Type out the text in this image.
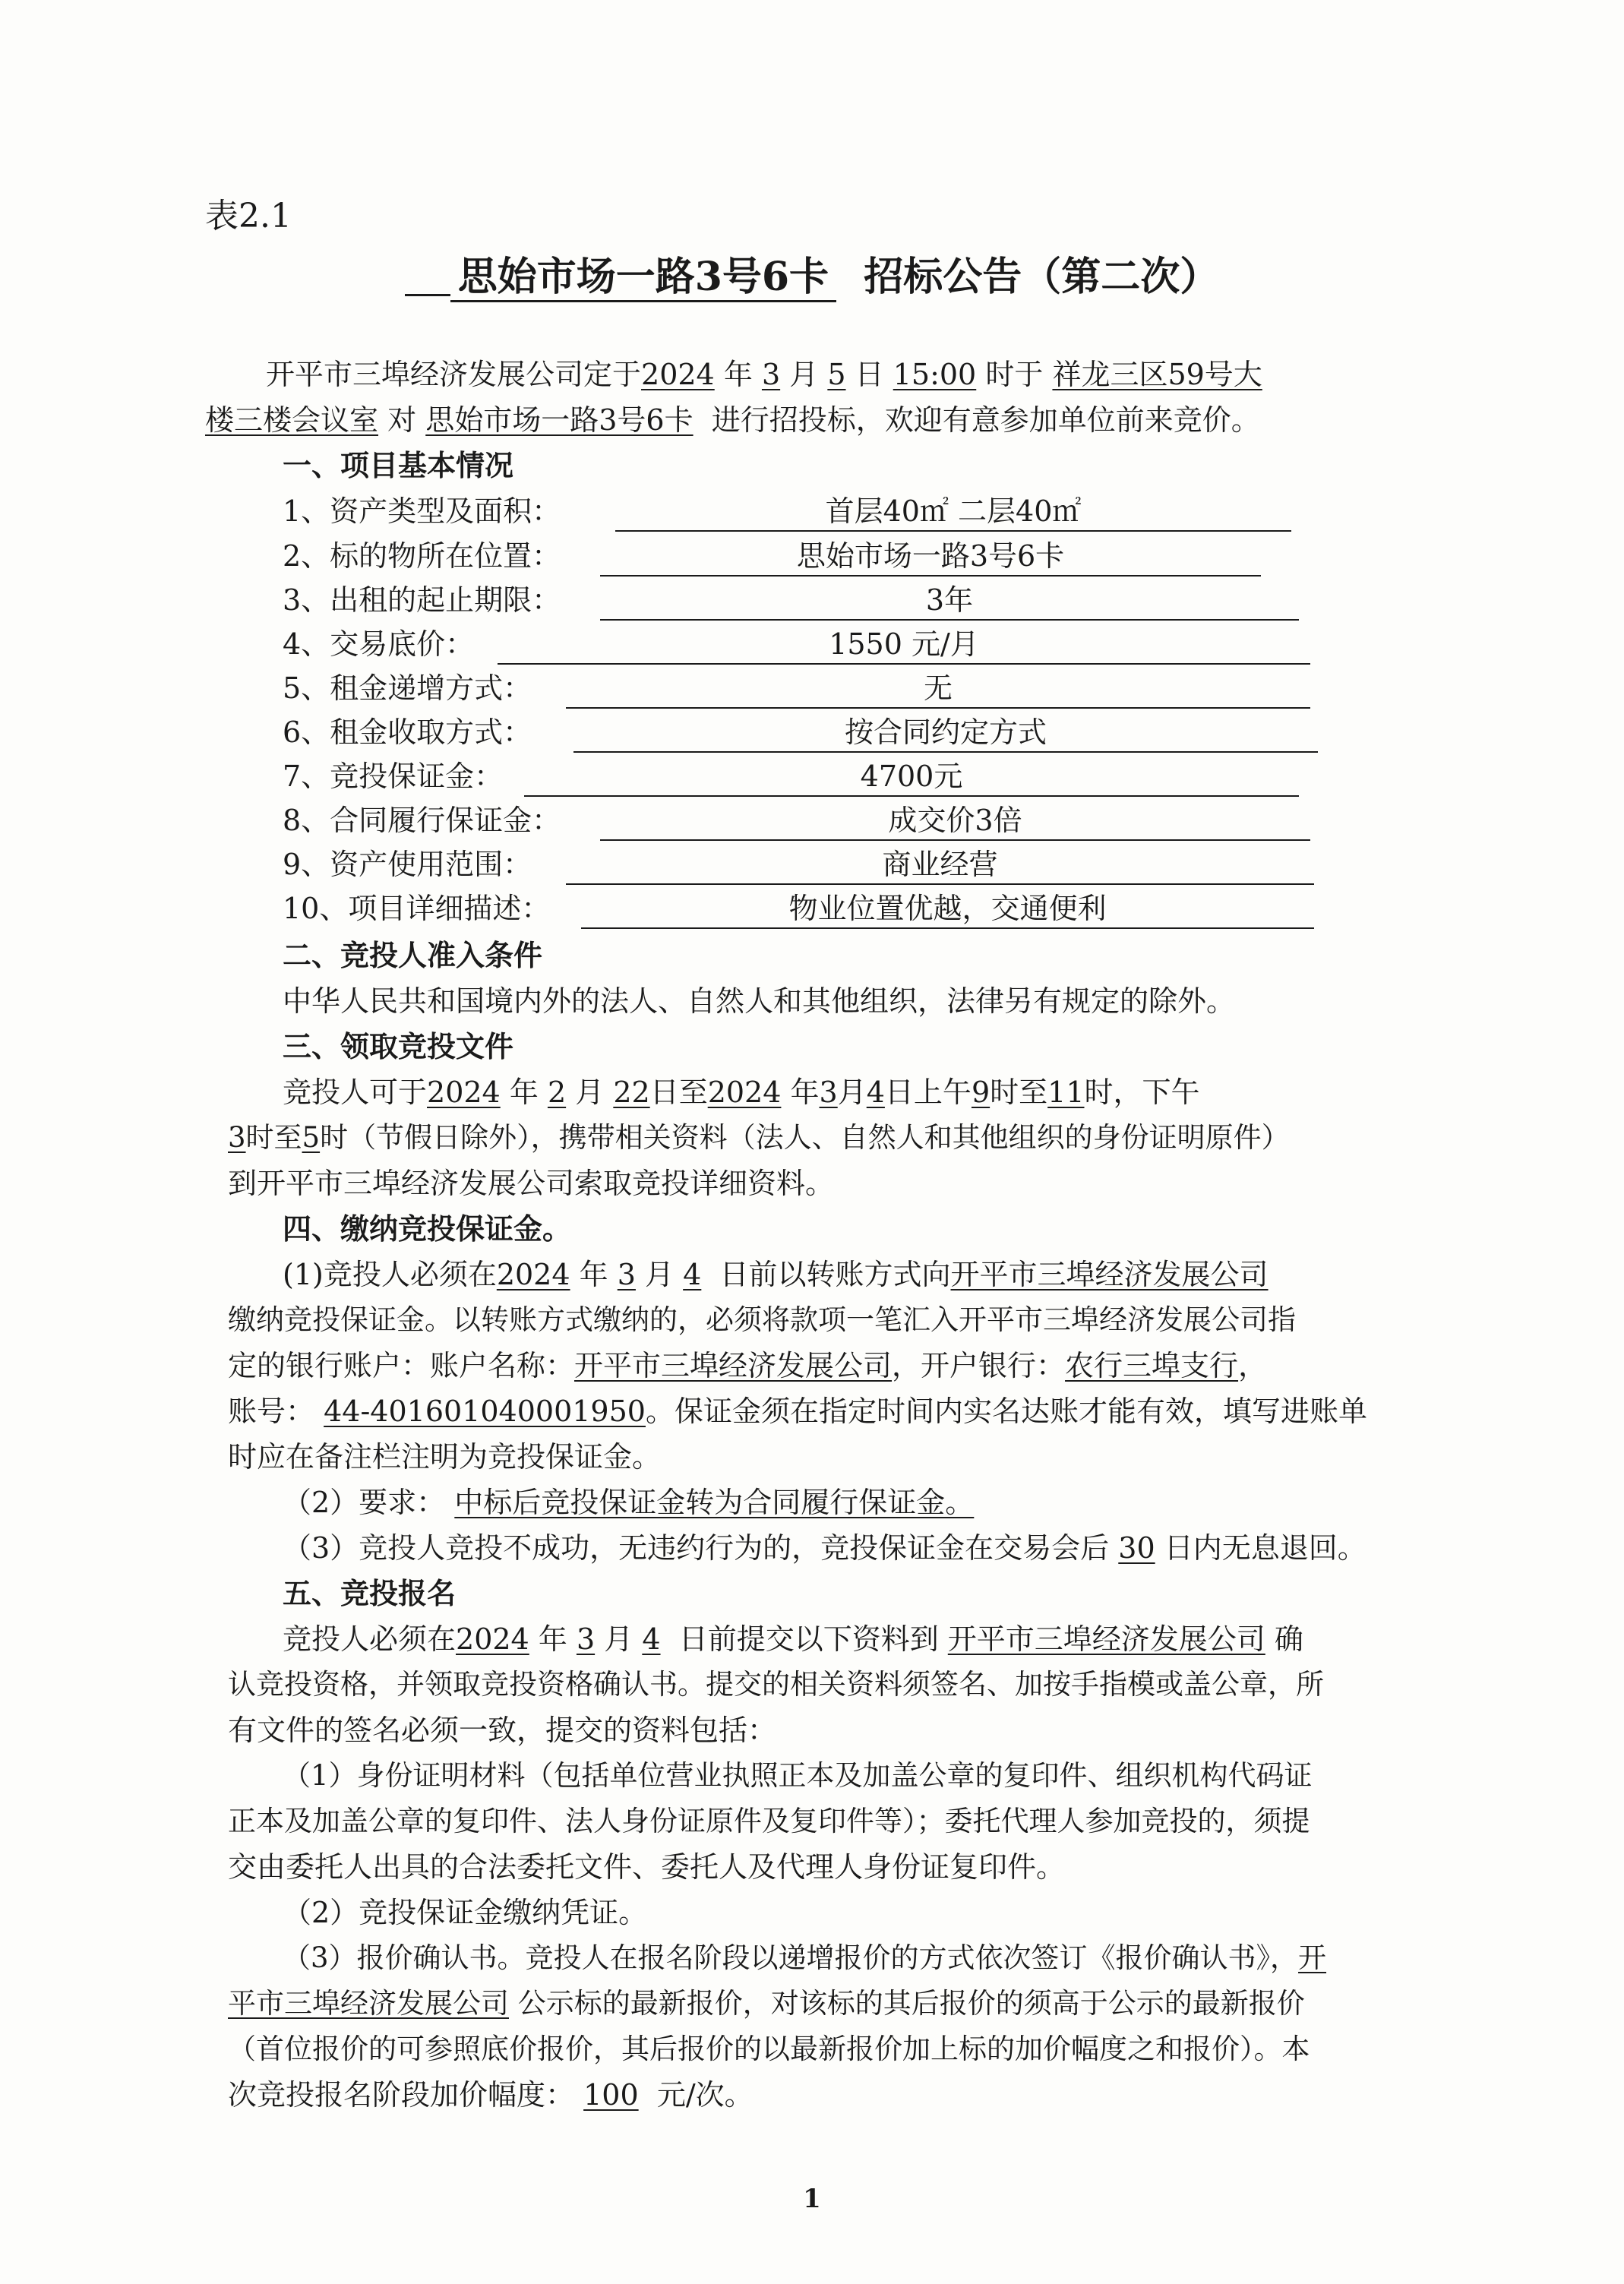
表2.1
思始市场一路3号6卡 招标公告（第二次）
开平市三埠经济发展公司定于2024 年 3 月 5 日 15:00 时于 祥龙三区59号大
楼三楼会议室 对 思始市场一路3号6卡 进行招投标，欢迎有意参加单位前来竞价。
一、项目基本情况
1、资产类型及面积：	首层40㎡ 二层40㎡
2、标的物所在位置：	思始市场一路3号6卡
3、出租的起止期限：	3年
4、交易底价：	1550 元/月
5、租金递增方式：	无
6、租金收取方式：	按合同约定方式
7、竞投保证金：	4700元
8、合同履行保证金：	成交价3倍
9、资产使用范围：	商业经营
10、项目详细描述：	物业位置优越，交通便利
二、竞投人准入条件
中华人民共和国境内外的法人、自然人和其他组织，法律另有规定的除外。
三、领取竞投文件
竞投人可于2024 年 2 月 22日至2024 年3月4日上午9时至11时，下午
3时至5时（节假日除外），携带相关资料（法人、自然人和其他组织的身份证明原件）
到开平市三埠经济发展公司索取竞投详细资料。
四、缴纳竞投保证金。
(1)竞投人必须在2024 年 3 月 4 日前以转账方式向开平市三埠经济发展公司
缴纳竞投保证金。以转账方式缴纳的，必须将款项一笔汇入开平市三埠经济发展公司指
定的银行账户：账户名称：开平市三埠经济发展公司，开户银行：农行三埠支行，
账号： 44-401601040001950。保证金须在指定时间内实名达账才能有效，填写进账单
时应在备注栏注明为竞投保证金。
（2）要求： 中标后竞投保证金转为合同履行保证金。
（3）竞投人竞投不成功，无违约行为的，竞投保证金在交易会后 30 日内无息退回。
五、竞投报名
竞投人必须在2024 年 3 月 4 日前提交以下资料到 开平市三埠经济发展公司 确
认竞投资格，并领取竞投资格确认书。提交的相关资料须签名、加按手指模或盖公章，所
有文件的签名必须一致，提交的资料包括：
（1）身份证明材料（包括单位营业执照正本及加盖公章的复印件、组织机构代码证
正本及加盖公章的复印件、法人身份证原件及复印件等）；委托代理人参加竞投的，须提
交由委托人出具的合法委托文件、委托人及代理人身份证复印件。
（2）竞投保证金缴纳凭证。
（3）报价确认书。竞投人在报名阶段以递增报价的方式依次签订《报价确认书》，开
平市三埠经济发展公司 公示标的最新报价，对该标的其后报价的须高于公示的最新报价
（首位报价的可参照底价报价，其后报价的以最新报价加上标的加价幅度之和报价）。本
次竞投报名阶段加价幅度： 100 元/次。
1
